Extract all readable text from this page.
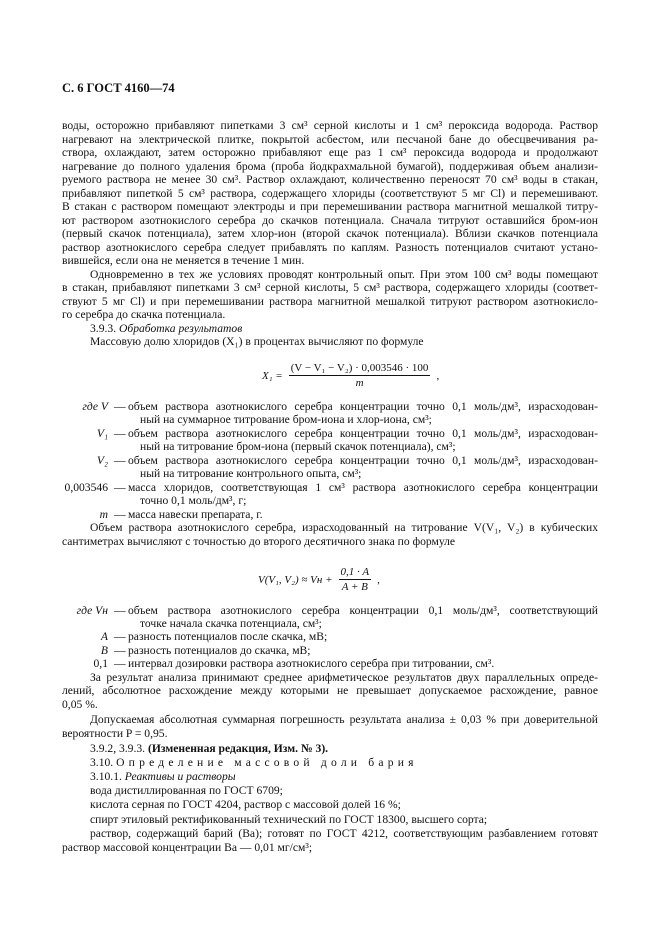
С. 6 ГОСТ 4160—74
воды, осторожно прибавляют пипетками 3 см³ серной кислоты и 1 см³ пероксида водорода. Раствор
нагревают на электрической плитке, покрытой асбестом, или песчаной бане до обесцвечивания ра-
створа, охлаждают, затем осторожно прибавляют еще раз 1 см³ пероксида водорода и продолжают
нагревание до полного удаления брома (проба йодкрахмальной бумагой), поддерживая объем анализи-
руемого раствора не менее 30 см³. Раствор охлаждают, количественно переносят 70 см³ воды в стакан,
прибавляют пипеткой 5 см³ раствора, содержащего хлориды (соответствуют 5 мг Cl) и перемешивают.
В стакан с раствором помещают электроды и при перемешивании раствора магнитной мешалкой титру-
ют раствором азотнокислого серебра до скачков потенциала. Сначала титруют оставшийся бром-ион
(первый скачок потенциала), затем хлор-ион (второй скачок потенциала). Вблизи скачков потенциала
раствор азотнокислого серебра следует прибавлять по каплям. Разность потенциалов считают устано-
вившейся, если она не меняется в течение 1 мин.
Одновременно в тех же условиях проводят контрольный опыт. При этом 100 см³ воды помещают
в стакан, прибавляют пипетками 3 см³ серной кислоты, 5 см³ раствора, содержащего хлориды (соответ-
ствуют 5 мг Cl) и при перемешивании раствора магнитной мешалкой титруют раствором азотнокисло-
го серебра до скачка потенциала.
3.9.3. Обработка результатов
Массовую долю хлоридов (X₁) в процентах вычисляют по формуле
$X_1 = \frac{\text{(V − V₁ − V₂) · 0,003546 · 100}}{m}$ ,
где V — объем раствора азотнокислого серебра концентрации точно 0,1 моль/дм³, израсходован-
ный на суммарное титрование бром-иона и хлор-иона, см³;
V₁ — объем раствора азотнокислого серебра концентрации точно 0,1 моль/дм³, израсходован-
ный на титрование бром-иона (первый скачок потенциала), см³;
V₂ — объем раствора азотнокислого серебра концентрации точно 0,1 моль/дм³, израсходован-
ный на титрование контрольного опыта, см³;
0,003546 — масса хлоридов, соответствующая 1 см³ раствора азотнокислого серебра концентрации
точно 0,1 моль/дм³, г;
m — масса навески препарата, г.
Объем раствора азотнокислого серебра, израсходованный на титрование V(V₁, V₂) в кубических
сантиметрах вычисляют с точностью до второго десятичного знака по формуле
V(V₁, V₂) ≈ Vн + $\frac{0,1 \cdot A}{A + B}$ ,
где Vн — объем раствора азотнокислого серебра концентрации 0,1 моль/дм³, соответствующий
точке начала скачка потенциала, см³;
A — разность потенциалов после скачка, мВ;
B — разность потенциалов до скачка, мВ;
0,1 — интервал дозировки раствора азотнокислого серебра при титровании, см³.
За результат анализа принимают среднее арифметическое результатов двух параллельных опреде-
лений, абсолютное расхождение между которыми не превышает допускаемое расхождение, равное
0,05 %.
Допускаемая абсолютная суммарная погрешность результата анализа ± 0,03 % при доверительной
вероятности P = 0,95.
3.9.2, 3.9.3. (Измененная редакция, Изм. № 3).
3.10. Определение массовой доли бария
3.10.1. Реактивы и растворы
вода дистиллированная по ГОСТ 6709;
кислота серная по ГОСТ 4204, раствор с массовой долей 16 %;
спирт этиловый ректификованный технический по ГОСТ 18300, высшего сорта;
раствор, содержащий барий (Ва); готовят по ГОСТ 4212, соответствующим разбавлением готовят
раствор массовой концентрации Ва — 0,01 мг/см³;
